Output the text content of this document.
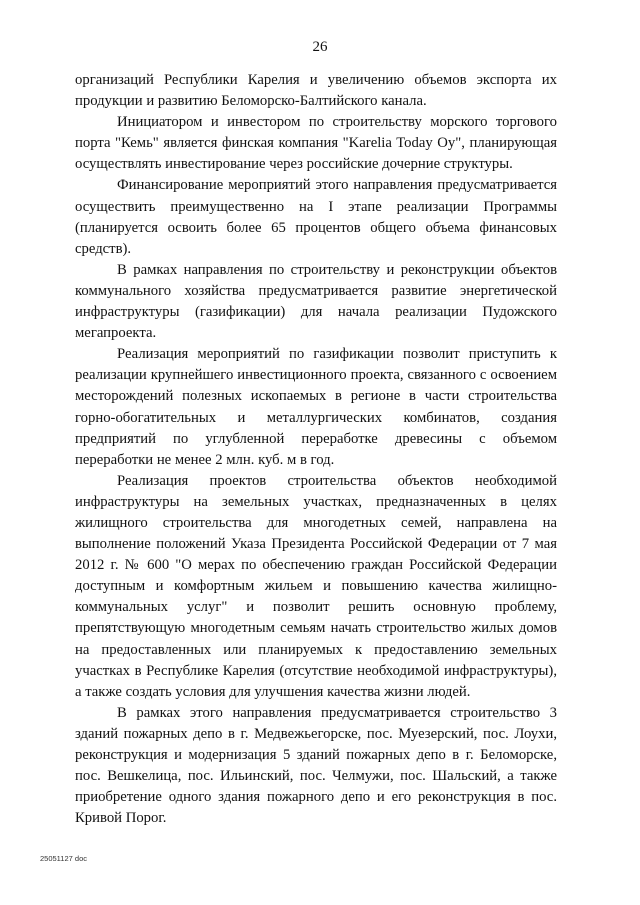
26

организаций Республики Карелия и увеличению объемов экспорта их продукции и развитию Беломорско-Балтийского канала.

Инициатором и инвестором по строительству морского торгового порта "Кемь" является финская компания "Karelia Today Oy", планирующая осуществлять инвестирование через российские дочерние структуры.

Финансирование мероприятий этого направления предусматривается осуществить преимущественно на I этапе реализации Программы (планируется освоить более 65 процентов общего объема финансовых средств).

В рамках направления по строительству и реконструкции объектов коммунального хозяйства предусматривается развитие энергетической инфраструктуры (газификации) для начала реализации Пудожского мегапроекта.

Реализация мероприятий по газификации позволит приступить к реализации крупнейшего инвестиционного проекта, связанного с освоением месторождений полезных ископаемых в регионе в части строительства горно-обогатительных и металлургических комбинатов, создания предприятий по углубленной переработке древесины с объемом переработки не менее 2 млн. куб. м в год.

Реализация проектов строительства объектов необходимой инфраструктуры на земельных участках, предназначенных в целях жилищного строительства для многодетных семей, направлена на выполнение положений Указа Президента Российской Федерации от 7 мая 2012 г. № 600 "О мерах по обеспечению граждан Российской Федерации доступным и комфортным жильем и повышению качества жилищно-коммунальных услуг" и позволит решить основную проблему, препятствующую многодетным семьям начать строительство жилых домов на предоставленных или планируемых к предоставлению земельных участках в Республике Карелия (отсутствие необходимой инфраструктуры), а также создать условия для улучшения качества жизни людей.

В рамках этого направления предусматривается строительство 3 зданий пожарных депо в г. Медвежьегорске, пос. Муезерский, пос. Лоухи, реконструкция и модернизация 5 зданий пожарных депо в г. Беломорске, пос. Вешкелица, пос. Ильинский, пос. Челмужи, пос. Шальский, а также приобретение одного здания пожарного депо и его реконструкция в пос. Кривой Порог.

25051127 doc
